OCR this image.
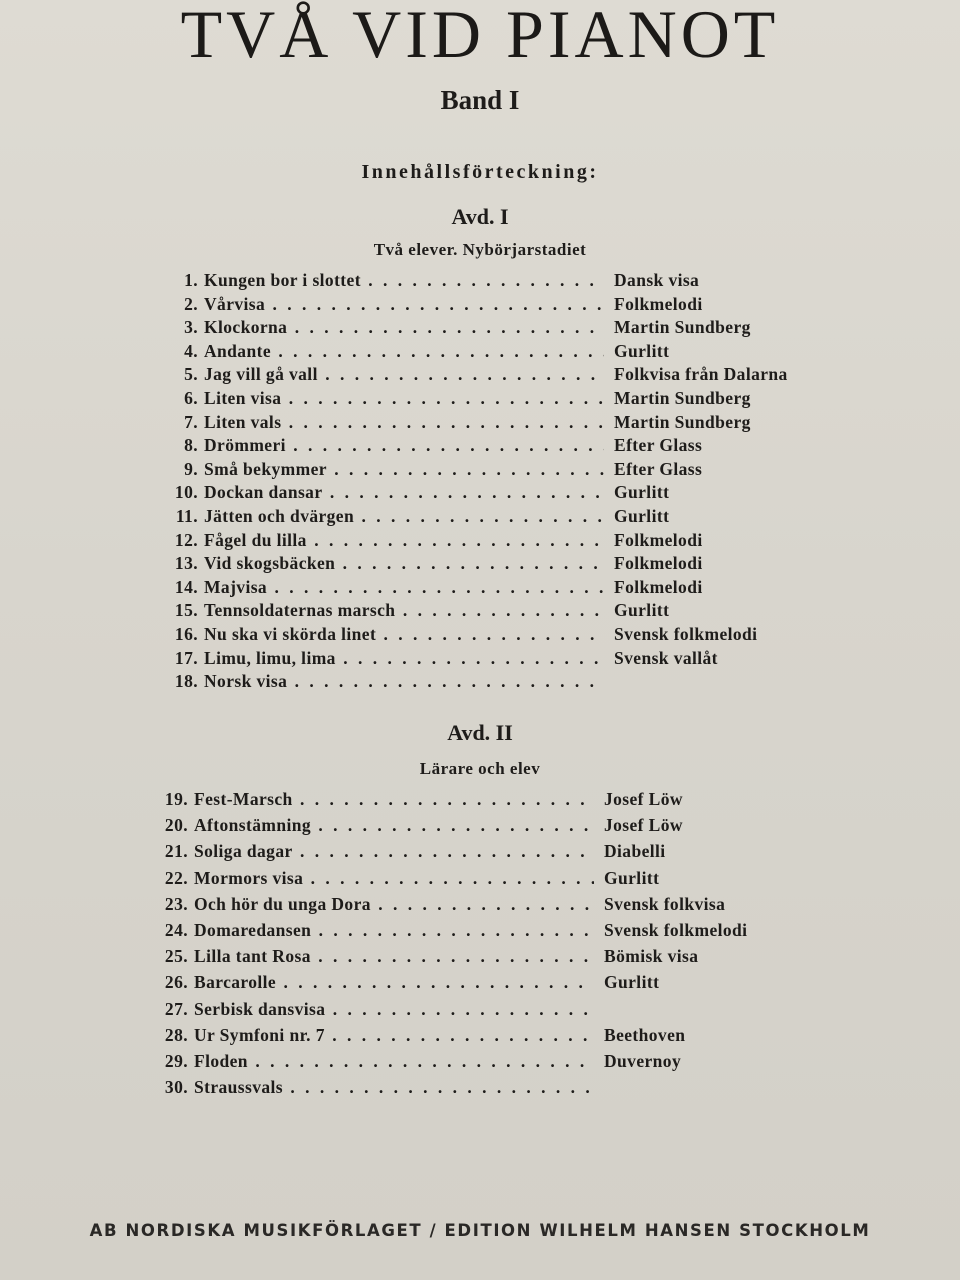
TVÅ VID PIANOT
Band I
Innehållsförteckning:
Avd. I
Två elever. Nybörjarstadiet
1. Kungen bor i slottet . . .	Dansk visa
2. Vårvisa . . .	Folkmelodi
3. Klockorna . . .	Martin Sundberg
4. Andante . . .	Gurlitt
5. Jag vill gå vall . . .	Folkvisa från Dalarna
6. Liten visa . . .	Martin Sundberg
7. Liten vals . . .	Martin Sundberg
8. Drömmeri . . .	Efter Glass
9. Små bekymmer . . .	Efter Glass
10. Dockan dansar . . .	Gurlitt
11. Jätten och dvärgen . . .	Gurlitt
12. Fågel du lilla . . .	Folkmelodi
13. Vid skogsbäcken . . .	Folkmelodi
14. Majvisa . . .	Folkmelodi
15. Tennsoldaternas marsch . . .	Gurlitt
16. Nu ska vi skörda linet . . .	Svensk folkmelodi
17. Limu, limu, lima . . .	Svensk vallåt
18. Norsk visa . . .
Avd. II
Lärare och elev
19. Fest-Marsch . . .	Josef Löw
20. Aftonstämning . . .	Josef Löw
21. Soliga dagar . . .	Diabelli
22. Mormors visa . . .	Gurlitt
23. Och hör du unga Dora . . .	Svensk folkvisa
24. Domaredansen . . .	Svensk folkmelodi
25. Lilla tant Rosa . . .	Bömisk visa
26. Barcarolle . . .	Gurlitt
27. Serbisk dansvisa . . .
28. Ur Symfoni nr. 7 . . .	Beethoven
29. Floden . . .	Duvernoy
30. Straussvals . . .
AB NORDISKA MUSIKFÖRLAGET / EDITION WILHELM HANSEN STOCKHOLM
